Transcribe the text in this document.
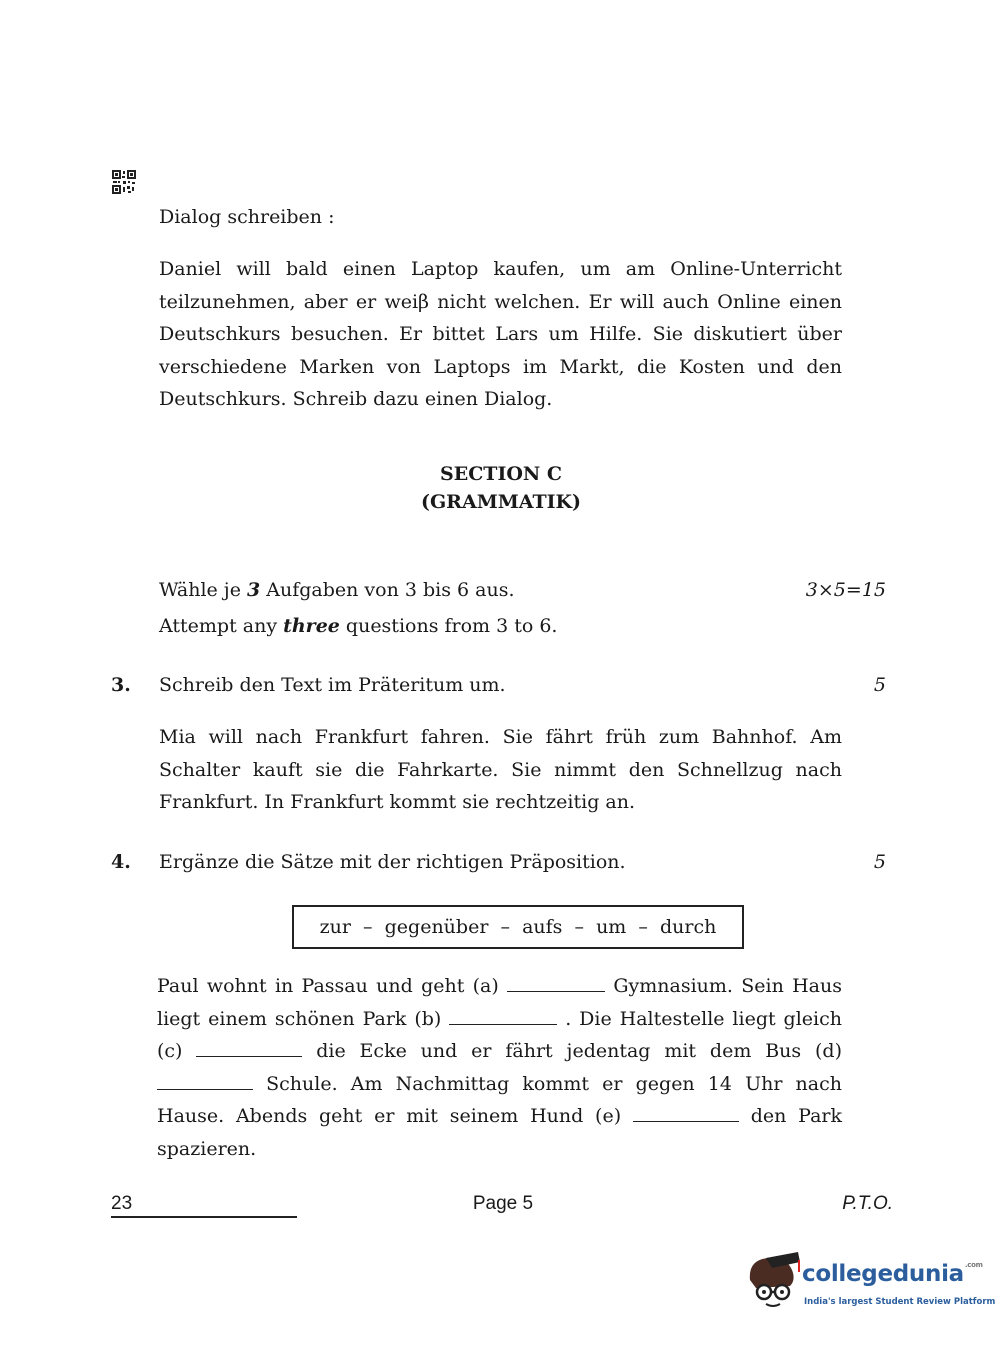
Dialog schreiben :
Daniel will bald einen Laptop kaufen, um am Online-Unterricht teilzunehmen, aber er weiβ nicht welchen. Er will auch Online einen Deutschkurs besuchen. Er bittet Lars um Hilfe. Sie diskutiert über verschiedene Marken von Laptops im Markt, die Kosten und den Deutschkurs. Schreib dazu einen Dialog.
SECTION C
(GRAMMATIK)
Wähle je 3 Aufgaben von 3 bis 6 aus.	3×5=15
Attempt any three questions from 3 to 6.
3. Schreib den Text im Präteritum um.	5
Mia will nach Frankfurt fahren. Sie fährt früh zum Bahnhof. Am Schalter kauft sie die Fahrkarte. Sie nimmt den Schnellzug nach Frankfurt. In Frankfurt kommt sie rechtzeitig an.
4. Ergänze die Sätze mit der richtigen Präposition.	5
zur  –  gegenüber  –  aufs  –  um  –  durch
Paul wohnt in Passau und geht (a)	Gymnasium. Sein Haus liegt einem schönen Park (b)	. Die Haltestelle liegt gleich (c)	die Ecke und er fährt jedentag mit dem Bus (d)  Schule. Am Nachmittag kommt er gegen 14 Uhr nach Hause. Abends geht er mit seinem Hund (e)	den Park spazieren.
23	Page 5	P.T.O.
collegedunia$^{.com}$
India's largest Student Review Platform
